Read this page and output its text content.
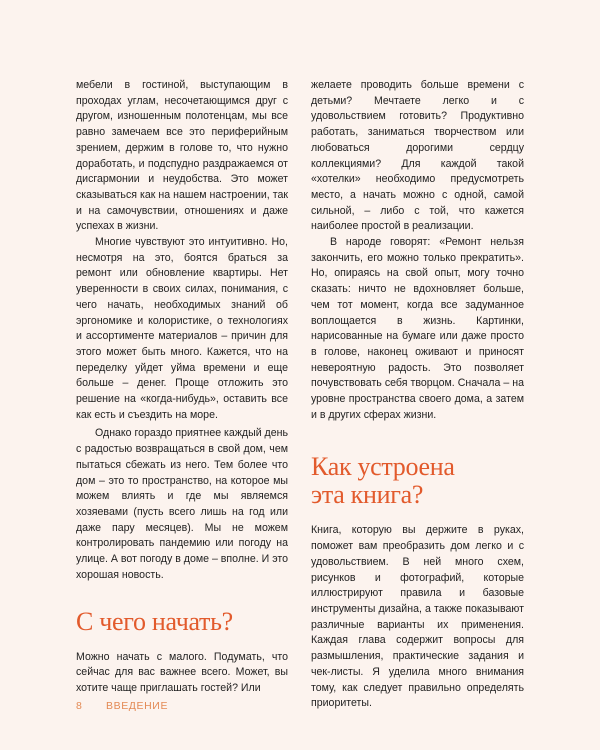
мебели в гостиной, выступающим в проходах углам, несочетающимся друг с другом, изношенным полотенцам, мы все равно замечаем все это периферийным зрением, держим в голове то, что нужно доработать, и подспудно раздражаемся от дисгармонии и неудобства. Это может сказываться как на нашем настроении, так и на самочувствии, отношениях и даже успехах в жизни.

Многие чувствуют это интуитивно. Но, несмотря на это, боятся браться за ремонт или обновление квартиры. Нет уверенности в своих силах, понимания, с чего начать, необходимых знаний об эргономике и колористике, о технологиях и ассортименте материалов – причин для этого может быть много. Кажется, что на переделку уйдет уйма времени и еще больше – денег. Проще отложить это решение на «когда-нибудь», оставить все как есть и съездить на море.

Однако гораздо приятнее каждый день с радостью возвращаться в свой дом, чем пытаться сбежать из него. Тем более что дом – это то пространство, на которое мы можем влиять и где мы являемся хозяевами (пусть всего лишь на год или даже пару месяцев). Мы не можем контролировать пандемию или погоду на улице. А вот погоду в доме – вполне. И это хорошая новость.

С чего начать?

Можно начать с малого. Подумать, что сейчас для вас важнее всего. Может, вы хотите чаще приглашать гостей? Или

желаете проводить больше времени с детьми? Мечтаете легко и с удовольствием готовить? Продуктивно работать, заниматься творчеством или любоваться дорогими сердцу коллекциями? Для каждой такой «хотелки» необходимо предусмотреть место, а начать можно с одной, самой сильной, – либо с той, что кажется наиболее простой в реализации.

В народе говорят: «Ремонт нельзя закончить, его можно только прекратить». Но, опираясь на свой опыт, могу точно сказать: ничто не вдохновляет больше, чем тот момент, когда все задуманное воплощается в жизнь. Картинки, нарисованные на бумаге или даже просто в голове, наконец оживают и приносят невероятную радость. Это позволяет почувствовать себя творцом. Сначала – на уровне пространства своего дома, а затем и в других сферах жизни.

Как устроена
эта книга?

Книга, которую вы держите в руках, поможет вам преобразить дом легко и с удовольствием. В ней много схем, рисунков и фотографий, которые иллюстрируют правила и базовые инструменты дизайна, а также показывают различные варианты их применения. Каждая глава содержит вопросы для размышления, практические задания и чек-листы. Я уделила много внимания тому, как следует правильно определять приоритеты.

8 ВВЕДЕНИЕ
